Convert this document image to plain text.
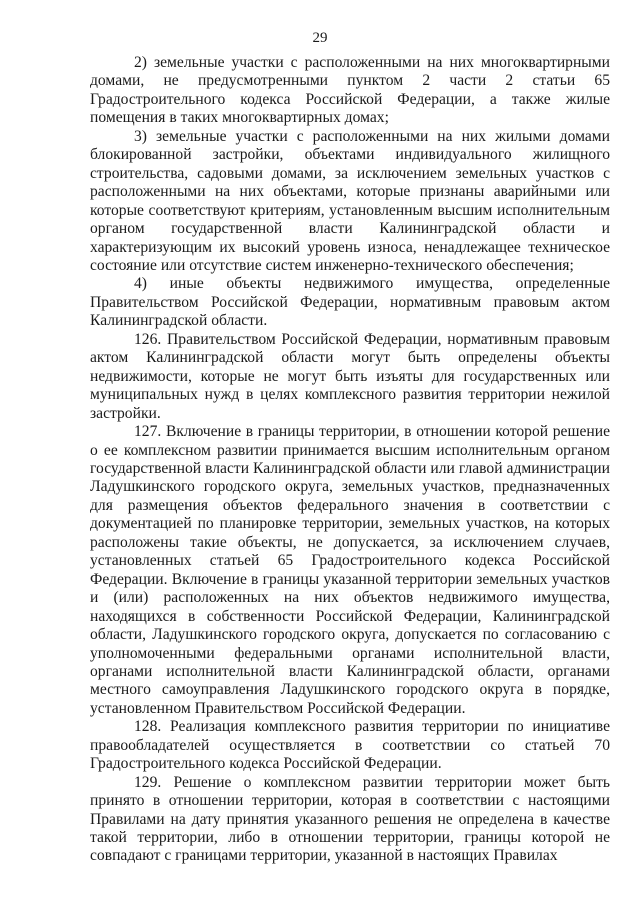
29

2) земельные участки с расположенными на них многоквартирными домами, не предусмотренными пунктом 2 части 2 статьи 65 Градостроительного кодекса Российской Федерации, а также жилые помещения в таких многоквартирных домах;

3) земельные участки с расположенными на них жилыми домами блокированной застройки, объектами индивидуального жилищного строительства, садовыми домами, за исключением земельных участков с расположенными на них объектами, которые признаны аварийными или которые соответствуют критериям, установленным высшим исполнительным органом государственной власти Калининградской области и характеризующим их высокий уровень износа, ненадлежащее техническое состояние или отсутствие систем инженерно-технического обеспечения;

4) иные объекты недвижимого имущества, определенные Правительством Российской Федерации, нормативным правовым актом Калининградской области.

126. Правительством Российской Федерации, нормативным правовым актом Калининградской области могут быть определены объекты недвижимости, которые не могут быть изъяты для государственных или муниципальных нужд в целях комплексного развития территории нежилой застройки.

127. Включение в границы территории, в отношении которой решение о ее комплексном развитии принимается высшим исполнительным органом государственной власти Калининградской области или главой администрации Ладушкинского городского округа, земельных участков, предназначенных для размещения объектов федерального значения в соответствии с документацией по планировке территории, земельных участков, на которых расположены такие объекты, не допускается, за исключением случаев, установленных статьей 65 Градостроительного кодекса Российской Федерации. Включение в границы указанной территории земельных участков и (или) расположенных на них объектов недвижимого имущества, находящихся в собственности Российской Федерации, Калининградской области, Ладушкинского городского округа, допускается по согласованию с уполномоченными федеральными органами исполнительной власти, органами исполнительной власти Калининградской области, органами местного самоуправления Ладушкинского городского округа в порядке, установленном Правительством Российской Федерации.

128. Реализация комплексного развития территории по инициативе правообладателей осуществляется в соответствии со статьей 70 Градостроительного кодекса Российской Федерации.

129. Решение о комплексном развитии территории может быть принято в отношении территории, которая в соответствии с настоящими Правилами на дату принятия указанного решения не определена в качестве такой территории, либо в отношении территории, границы которой не совпадают с границами территории, указанной в настоящих Правилах
